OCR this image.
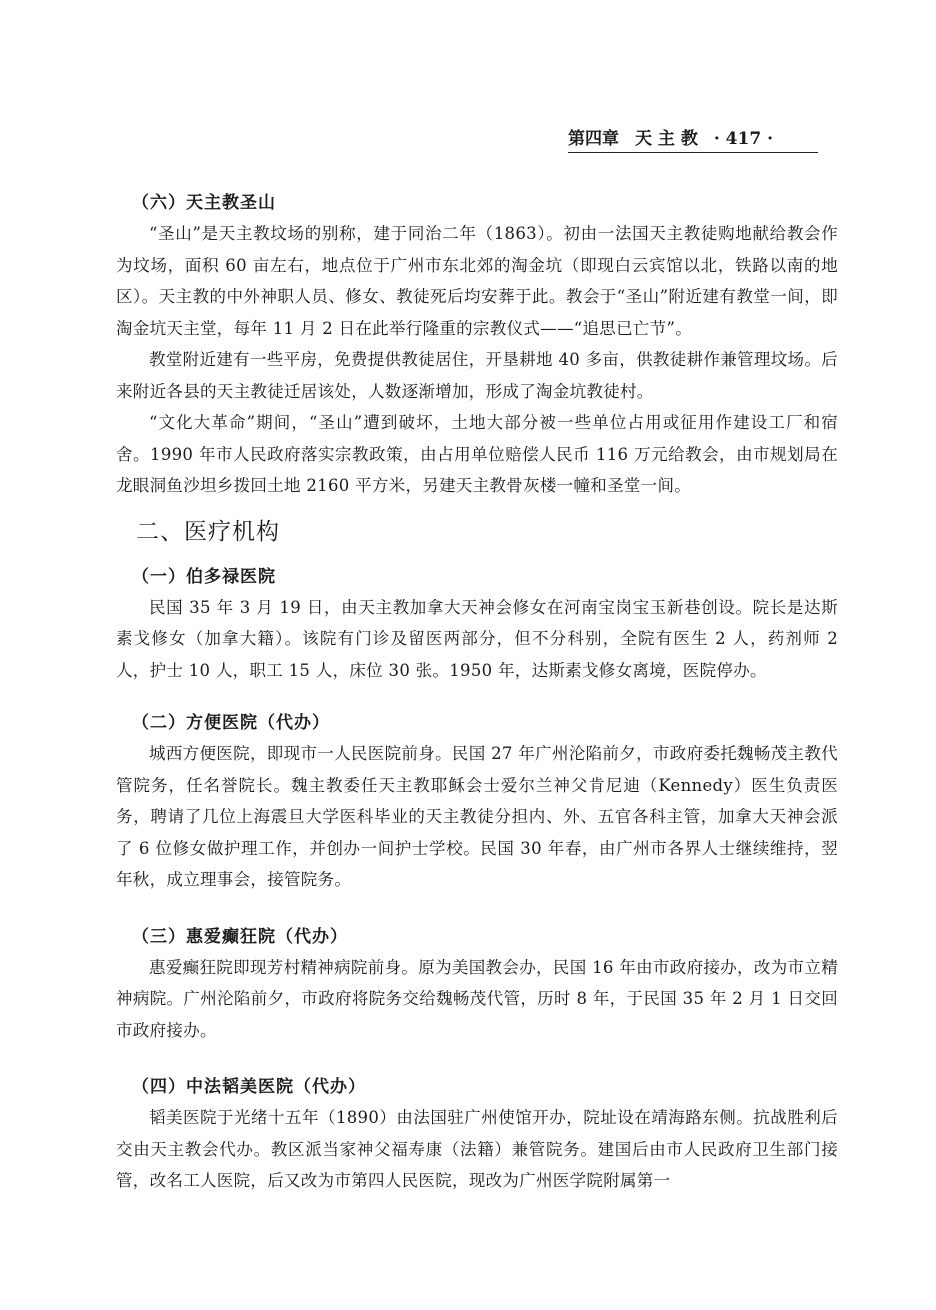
第四章 天 主 教 · 417 ·
（六）天主教圣山

“圣山”是天主教坟场的别称，建于同治二年（1863）。初由一法国天主教徒购地献给教会作为坟场，面积 60 亩左右，地点位于广州市东北郊的淘金坑（即现白云宾馆以北，铁路以南的地区）。天主教的中外神职人员、修女、教徒死后均安葬于此。教会于“圣山”附近建有教堂一间，即淘金坑天主堂，每年 11 月 2 日在此举行隆重的宗教仪式——“追思已亡节”。

教堂附近建有一些平房，免费提供教徒居住，开垦耕地 40 多亩，供教徒耕作兼管理坟场。后来附近各县的天主教徒迁居该处，人数逐渐增加，形成了淘金坑教徒村。

“文化大革命”期间，“圣山”遭到破坏，土地大部分被一些单位占用或征用作建设工厂和宿舍。1990 年市人民政府落实宗教政策，由占用单位赔偿人民币 116 万元给教会，由市规划局在龙眼洞鱼沙坦乡拨回土地 2160 平方米，另建天主教骨灰楼一幢和圣堂一间。

二、医疗机构
（一）伯多禄医院

民国 35 年 3 月 19 日，由天主教加拿大天神会修女在河南宝岗宝玉新巷创设。院长是达斯素戈修女（加拿大籍）。该院有门诊及留医两部分，但不分科别，全院有医生 2 人，药剂师 2 人，护士 10 人，职工 15 人，床位 30 张。1950 年，达斯素戈修女离境，医院停办。

（二）方便医院（代办）

城西方便医院，即现市一人民医院前身。民国 27 年广州沦陷前夕，市政府委托魏畅茂主教代管院务，任名誉院长。魏主教委任天主教耶稣会士爱尔兰神父肯尼迪（Kennedy）医生负责医务，聘请了几位上海震旦大学医科毕业的天主教徒分担内、外、五官各科主管，加拿大天神会派了 6 位修女做护理工作，并创办一间护士学校。民国 30 年春，由广州市各界人士继续维持，翌年秋，成立理事会，接管院务。

（三）惠爱癫狂院（代办）

惠爱癫狂院即现芳村精神病院前身。原为美国教会办，民国 16 年由市政府接办，改为市立精神病院。广州沦陷前夕，市政府将院务交给魏畅茂代管，历时 8 年，于民国 35 年 2 月 1 日交回市政府接办。

（四）中法韬美医院（代办）

韬美医院于光绪十五年（1890）由法国驻广州使馆开办，院址设在靖海路东侧。抗战胜利后交由天主教会代办。教区派当家神父福寿康（法籍）兼管院务。建国后由市人民政府卫生部门接管，改名工人医院，后又改为市第四人民医院，现改为广州医学院附属第一
